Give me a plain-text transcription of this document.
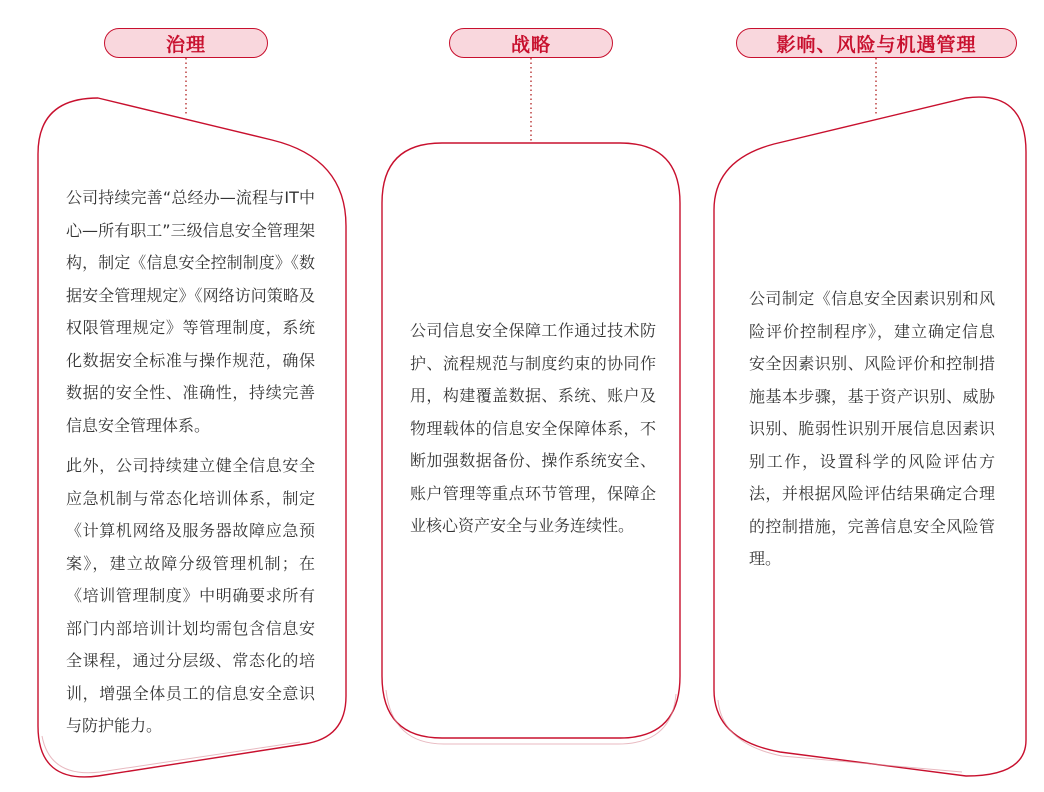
治理	战略	影响、风险与机遇管理

公司持续完善“总经办—流程与IT中心—所有职工”三级信息安全管理架构，制定《信息安全控制制度》《数据安全管理规定》《网络访问策略及权限管理规定》等管理制度，系统化数据安全标准与操作规范，确保数据的安全性、准确性，持续完善信息安全管理体系。

此外，公司持续建立健全信息安全应急机制与常态化培训体系，制定《计算机网络及服务器故障应急预案》，建立故障分级管理机制；在《培训管理制度》中明确要求所有部门内部培训计划均需包含信息安全课程，通过分层级、常态化的培训，增强全体员工的信息安全意识与防护能力。

公司信息安全保障工作通过技术防护、流程规范与制度约束的协同作用，构建覆盖数据、系统、账户及物理载体的信息安全保障体系，不断加强数据备份、操作系统安全、账户管理等重点环节管理，保障企业核心资产安全与业务连续性。

公司制定《信息安全因素识别和风险评价控制程序》，建立确定信息安全因素识别、风险评价和控制措施基本步骤，基于资产识别、威胁识别、脆弱性识别开展信息因素识别工作，设置科学的风险评估方法，并根据风险评估结果确定合理的控制措施，完善信息安全风险管理。
